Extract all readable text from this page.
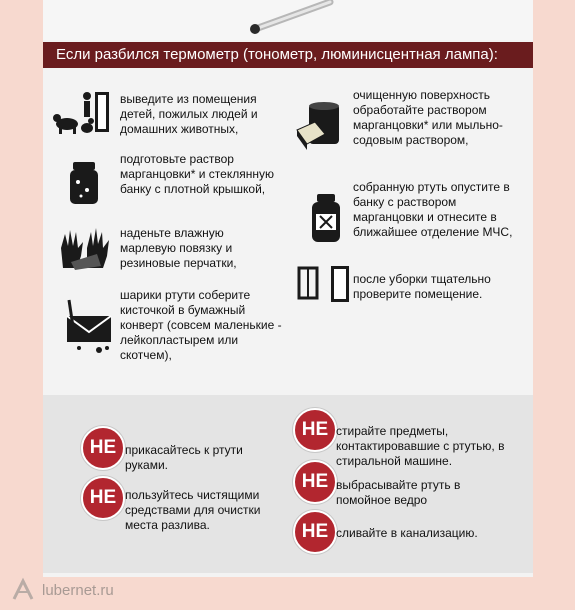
Если разбился термометр (тонометр, люминисцентная лампа):
выведите из помещения детей, пожилых людей и домашних животных,
подготовьте раствор марганцовки* и стеклянную банку с плотной крышкой,
наденьте влажную марлевую повязку и резиновые перчатки,
шарики ртути соберите кисточкой в бумажный конверт (совсем маленькие - лейкопластырем или скотчем),
очищенную поверхность обработайте раствором марганцовки* или мыльно-содовым раствором,
собранную ртуть опустите в банку с раствором марганцовки и отнесите в ближайшее отделение МЧС,
после уборки тщательно проверите помещение.
НЕ прикасайтесь к ртути руками.
НЕ пользуйтесь чистящими средствами для очистки места разлива.
НЕ стирайте предметы, контактировавшие с ртутью, в стиральной машине.
НЕ выбрасывайте ртуть в помойное ведро
НЕ сливайте в канализацию.
lubernet.ru
